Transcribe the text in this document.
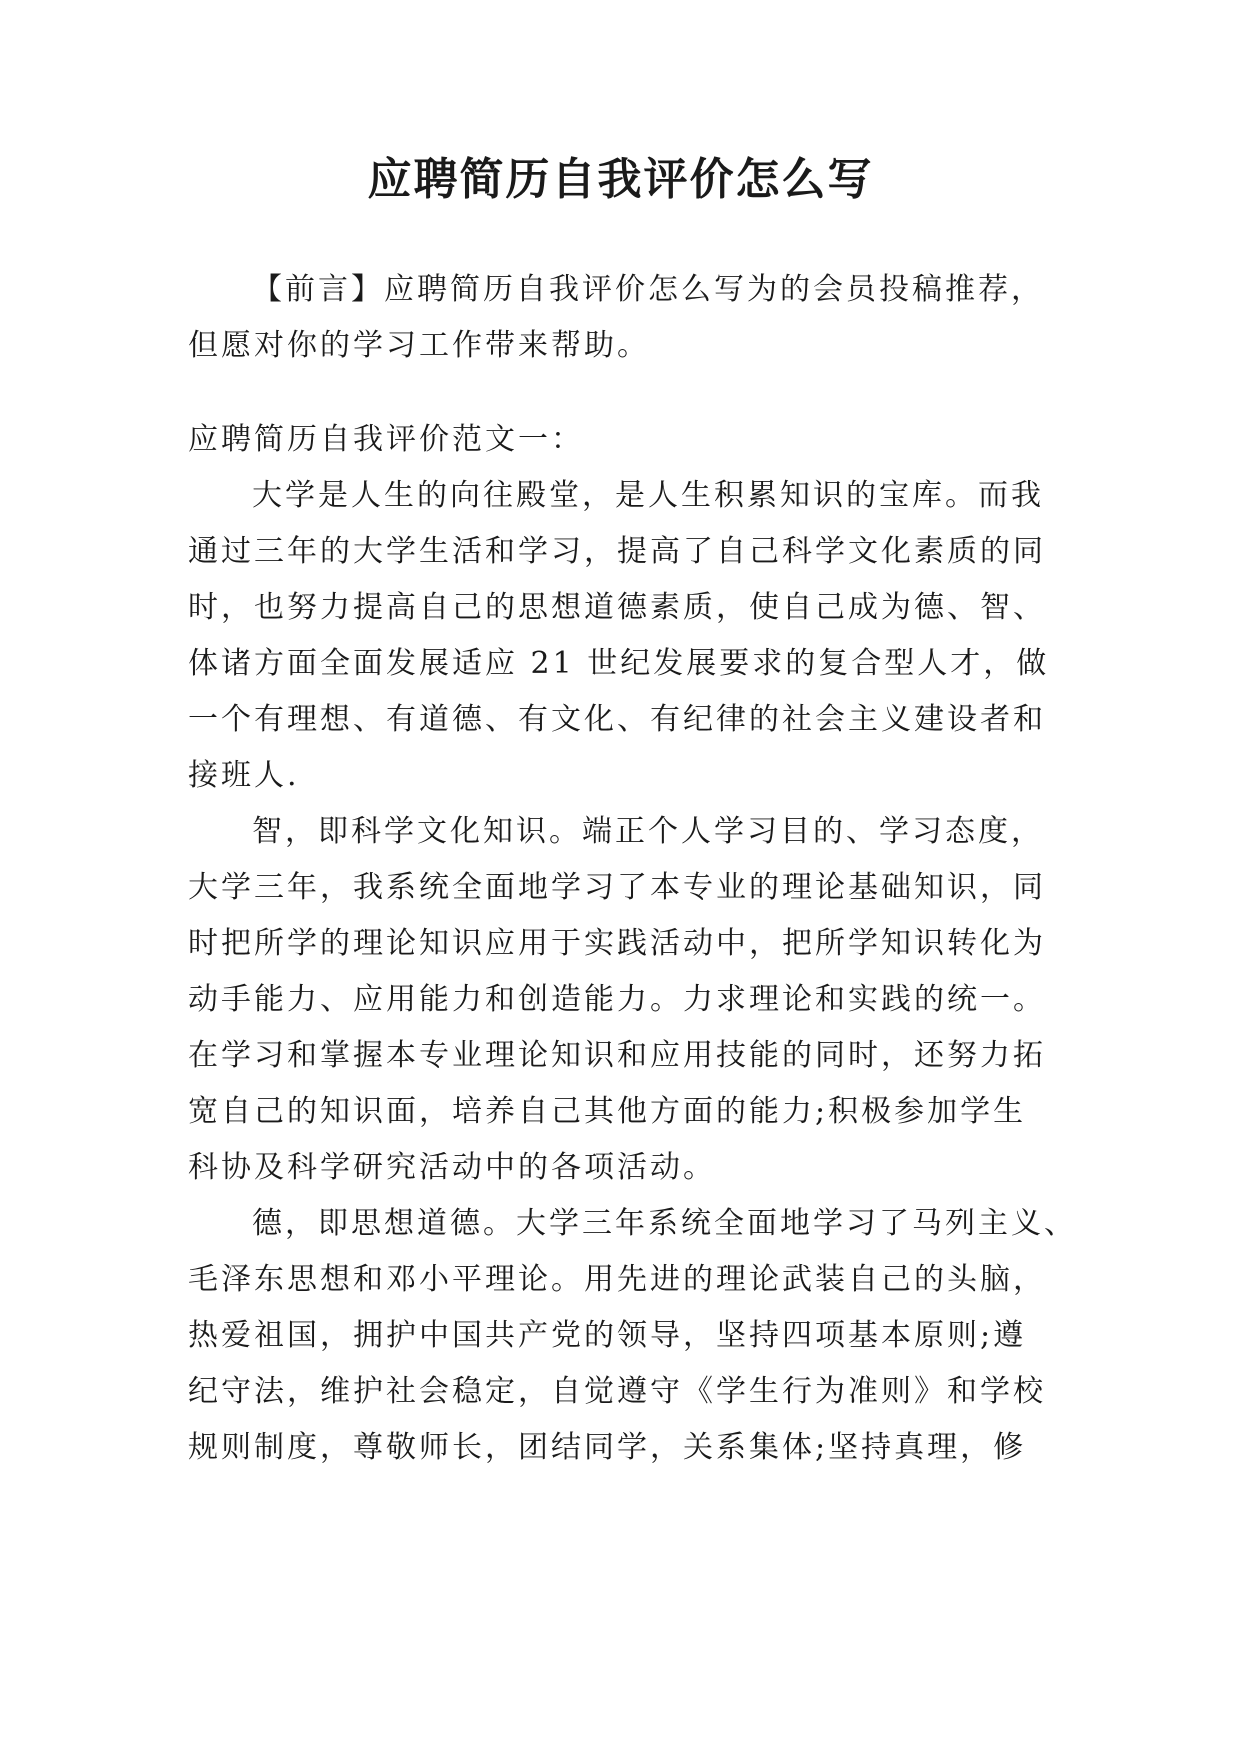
应聘简历自我评价怎么写
【前言】应聘简历自我评价怎么写为的会员投稿推荐，
但愿对你的学习工作带来帮助。
应聘简历自我评价范文一：
大学是人生的向往殿堂，是人生积累知识的宝库。而我
通过三年的大学生活和学习，提高了自己科学文化素质的同
时，也努力提高自己的思想道德素质，使自己成为德、智、
体诸方面全面发展适应 21 世纪发展要求的复合型人才，做
一个有理想、有道德、有文化、有纪律的社会主义建设者和
接班人.
智，即科学文化知识。端正个人学习目的、学习态度，
大学三年，我系统全面地学习了本专业的理论基础知识，同
时把所学的理论知识应用于实践活动中，把所学知识转化为
动手能力、应用能力和创造能力。力求理论和实践的统一。
在学习和掌握本专业理论知识和应用技能的同时，还努力拓
宽自己的知识面，培养自己其他方面的能力;积极参加学生
科协及科学研究活动中的各项活动。
德，即思想道德。大学三年系统全面地学习了马列主义、
毛泽东思想和邓小平理论。用先进的理论武装自己的头脑，
热爱祖国，拥护中国共产党的领导，坚持四项基本原则;遵
纪守法，维护社会稳定，自觉遵守《学生行为准则》和学校
规则制度，尊敬师长，团结同学，关系集体;坚持真理，修
